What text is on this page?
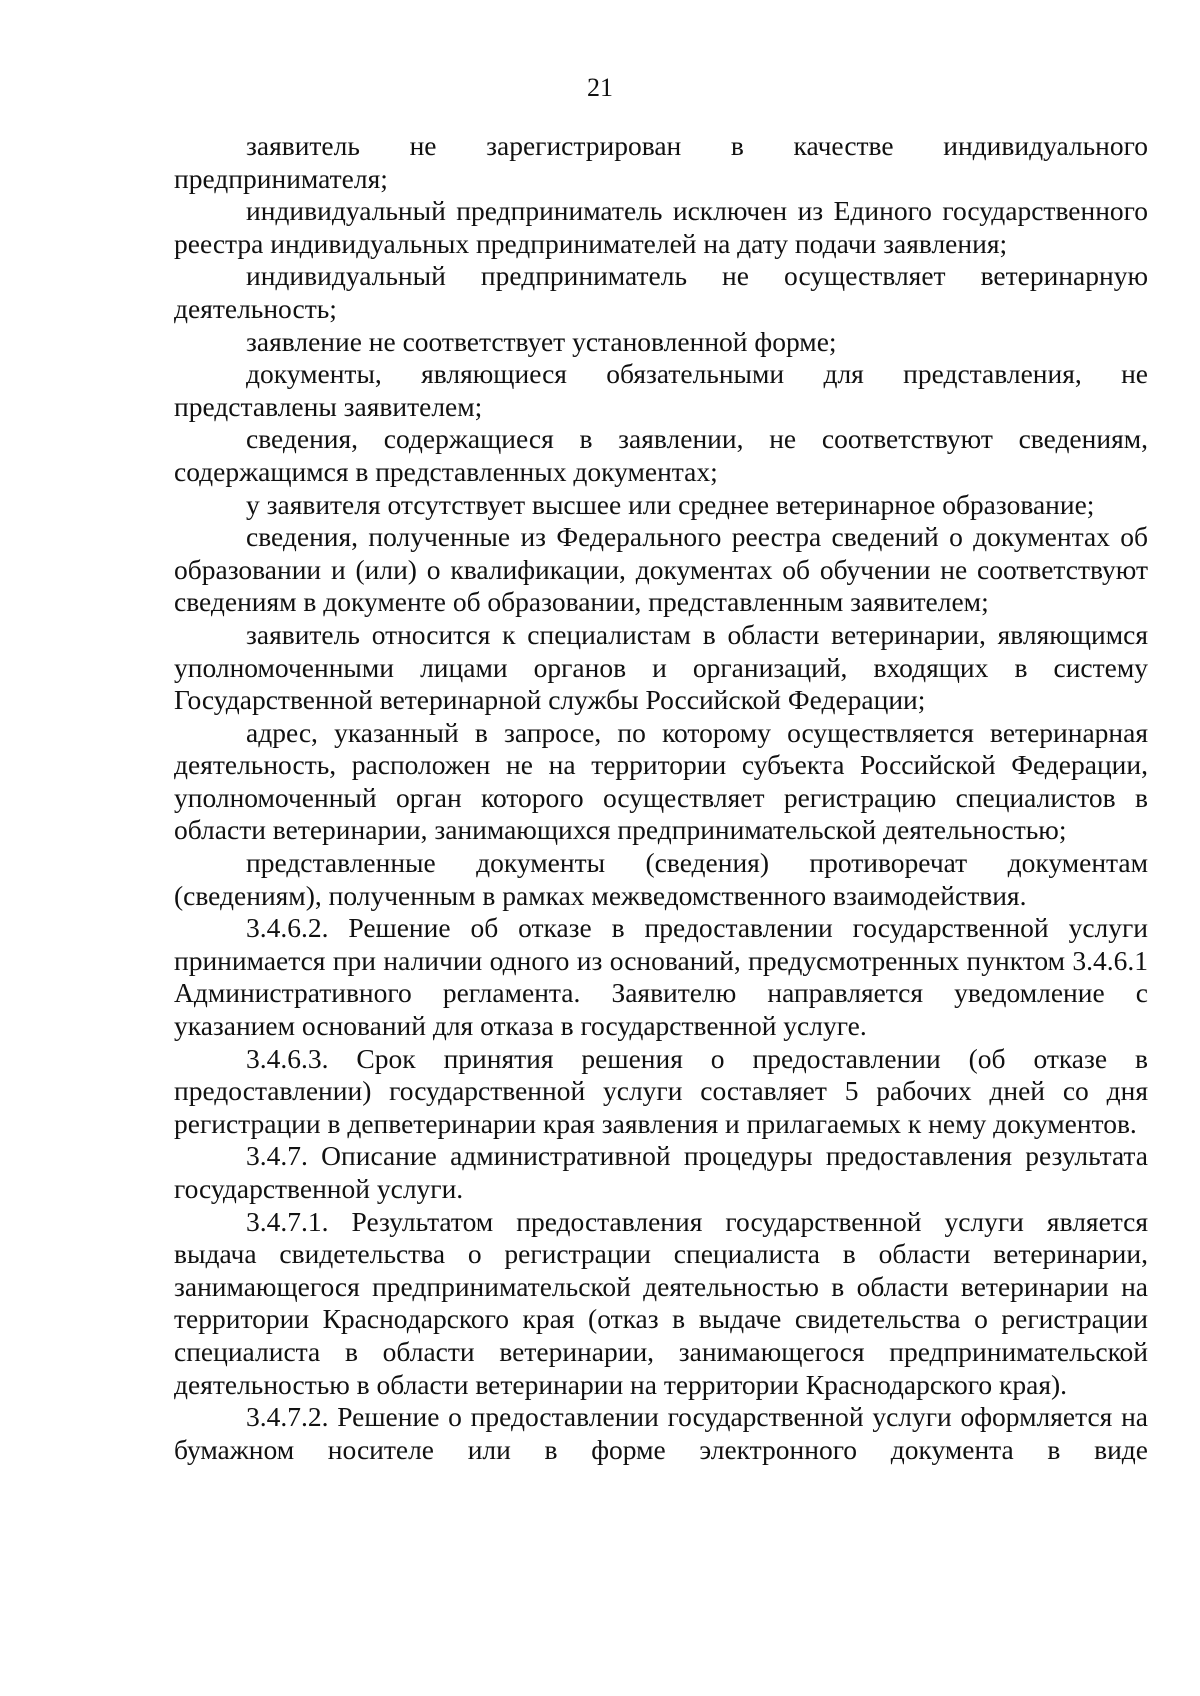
21

заявитель не зарегистрирован в качестве индивидуального предпринимателя;

индивидуальный предприниматель исключен из Единого государственного реестра индивидуальных предпринимателей на дату подачи заявления;

индивидуальный предприниматель не осуществляет ветеринарную деятельность;

заявление не соответствует установленной форме;

документы, являющиеся обязательными для представления, не представлены заявителем;

сведения, содержащиеся в заявлении, не соответствуют сведениям, содержащимся в представленных документах;

у заявителя отсутствует высшее или среднее ветеринарное образование;

сведения, полученные из Федерального реестра сведений о документах об образовании и (или) о квалификации, документах об обучении не соответствуют сведениям в документе об образовании, представленным заявителем;

заявитель относится к специалистам в области ветеринарии, являющимся уполномоченными лицами органов и организаций, входящих в систему Государственной ветеринарной службы Российской Федерации;

адрес, указанный в запросе, по которому осуществляется ветеринарная деятельность, расположен не на территории субъекта Российской Федерации, уполномоченный орган которого осуществляет регистрацию специалистов в области ветеринарии, занимающихся предпринимательской деятельностью;

представленные документы (сведения) противоречат документам (сведениям), полученным в рамках межведомственного взаимодействия.

3.4.6.2. Решение об отказе в предоставлении государственной услуги принимается при наличии одного из оснований, предусмотренных пунктом 3.4.6.1 Административного регламента. Заявителю направляется уведомление с указанием оснований для отказа в государственной услуге.

3.4.6.3. Срок принятия решения о предоставлении (об отказе в предоставлении) государственной услуги составляет 5 рабочих дней со дня регистрации в депветеринарии края заявления и прилагаемых к нему документов.

3.4.7. Описание административной процедуры предоставления результата государственной услуги.

3.4.7.1. Результатом предоставления государственной услуги является выдача свидетельства о регистрации специалиста в области ветеринарии, занимающегося предпринимательской деятельностью в области ветеринарии на территории Краснодарского края (отказ в выдаче свидетельства о регистрации специалиста в области ветеринарии, занимающегося предпринимательской деятельностью в области ветеринарии на территории Краснодарского края).

3.4.7.2. Решение о предоставлении государственной услуги оформляется на бумажном носителе или в форме электронного документа в виде
